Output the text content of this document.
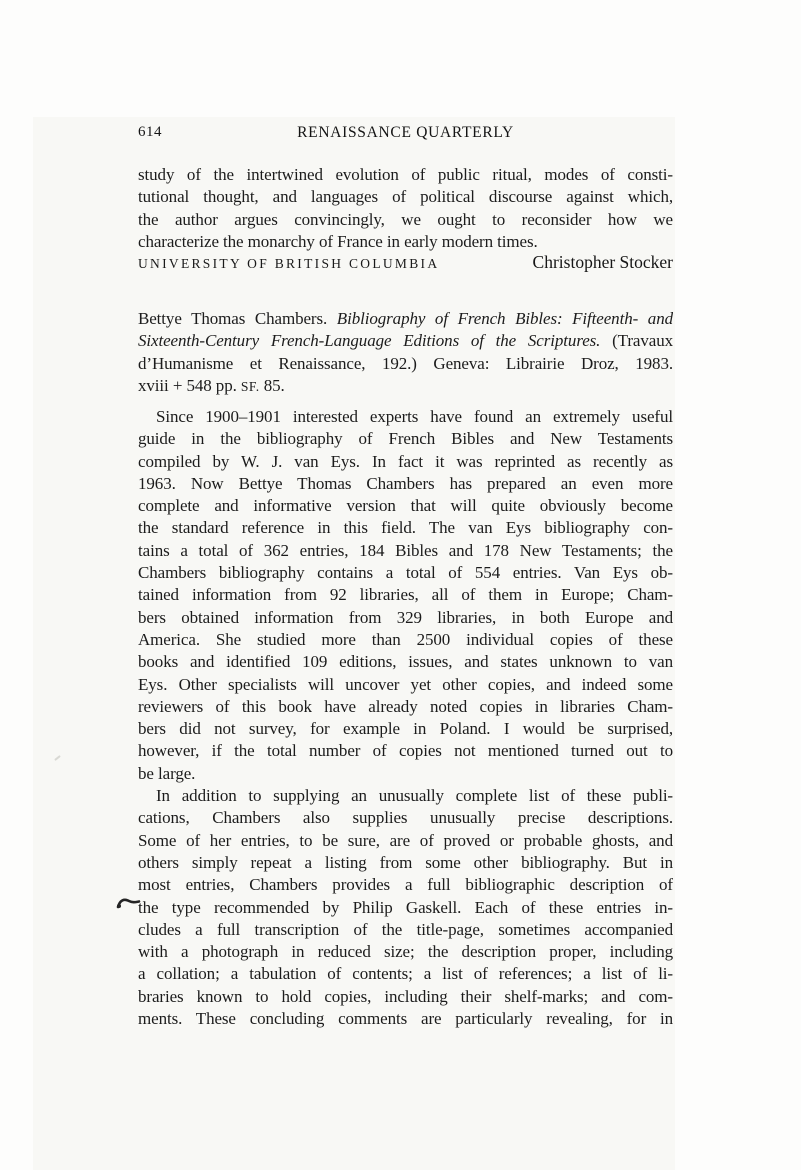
614	RENAISSANCE QUARTERLY
study of the intertwined evolution of public ritual, modes of consti-
tutional thought, and languages of political discourse against which,
the author argues convincingly, we ought to reconsider how we
characterize the monarchy of France in early modern times.
UNIVERSITY OF BRITISH COLUMBIA	Christopher Stocker
Bettye Thomas Chambers. Bibliography of French Bibles: Fifteenth- and
Sixteenth-Century French-Language Editions of the Scriptures. (Travaux
d’Humanisme et Renaissance, 192.) Geneva: Librairie Droz, 1983.
xviii + 548 pp. SF. 85.
Since 1900–1901 interested experts have found an extremely useful
guide in the bibliography of French Bibles and New Testaments
compiled by W. J. van Eys. In fact it was reprinted as recently as
1963. Now Bettye Thomas Chambers has prepared an even more
complete and informative version that will quite obviously become
the standard reference in this field. The van Eys bibliography con-
tains a total of 362 entries, 184 Bibles and 178 New Testaments; the
Chambers bibliography contains a total of 554 entries. Van Eys ob-
tained information from 92 libraries, all of them in Europe; Cham-
bers obtained information from 329 libraries, in both Europe and
America. She studied more than 2500 individual copies of these
books and identified 109 editions, issues, and states unknown to van
Eys. Other specialists will uncover yet other copies, and indeed some
reviewers of this book have already noted copies in libraries Cham-
bers did not survey, for example in Poland. I would be surprised,
however, if the total number of copies not mentioned turned out to
be large.
In addition to supplying an unusually complete list of these publi-
cations, Chambers also supplies unusually precise descriptions.
Some of her entries, to be sure, are of proved or probable ghosts, and
others simply repeat a listing from some other bibliography. But in
most entries, Chambers provides a full bibliographic description of
the type recommended by Philip Gaskell. Each of these entries in-
cludes a full transcription of the title-page, sometimes accompanied
with a photograph in reduced size; the description proper, including
a collation; a tabulation of contents; a list of references; a list of li-
braries known to hold copies, including their shelf-marks; and com-
ments. These concluding comments are particularly revealing, for in
